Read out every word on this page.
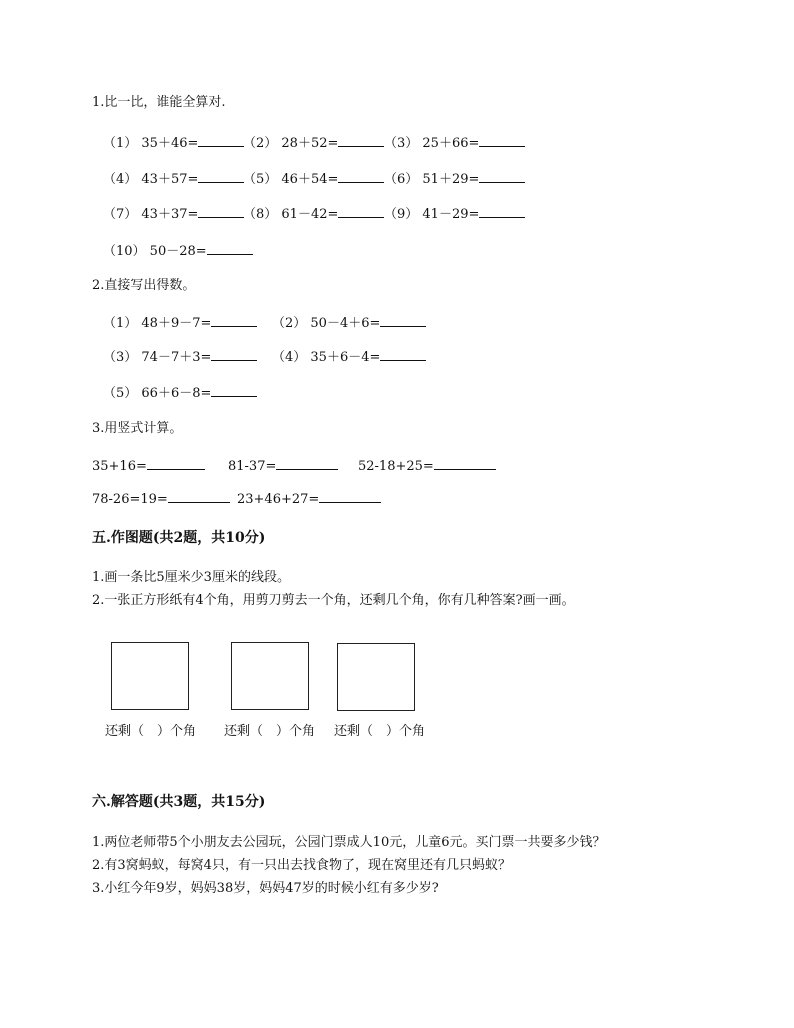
1.比一比，谁能全算对.
（1） 35＋46=	（2） 28＋52=	（3） 25＋66=
（4） 43＋57=	（5） 46＋54=	（6） 51＋29=
（7） 43＋37=	（8） 61－42=	（9） 41－29=
（10） 50－28=
2.直接写出得数。
（1） 48＋9－7=	（2） 50－4＋6=
（3） 74－7＋3=	（4） 35＋6－4=
（5） 66＋6－8=
3.用竖式计算。
35+16=	81-37=	52-18+25=
78-26=19=	23+46+27=
五.作图题(共2题，共10分)
1.画一条比5厘米少3厘米的线段。
2.一张正方形纸有4个角，用剪刀剪去一个角，还剩几个角，你有几种答案?画一画。
还剩（　）个角 还剩（　）个角 还剩（　）个角
六.解答题(共3题，共15分)
1.两位老师带5个小朋友去公园玩，公园门票成人10元，儿童6元。买门票一共要多少钱？
2.有3窝蚂蚁，每窝4只，有一只出去找食物了，现在窝里还有几只蚂蚁？
3.小红今年9岁，妈妈38岁，妈妈47岁的时候小红有多少岁?
